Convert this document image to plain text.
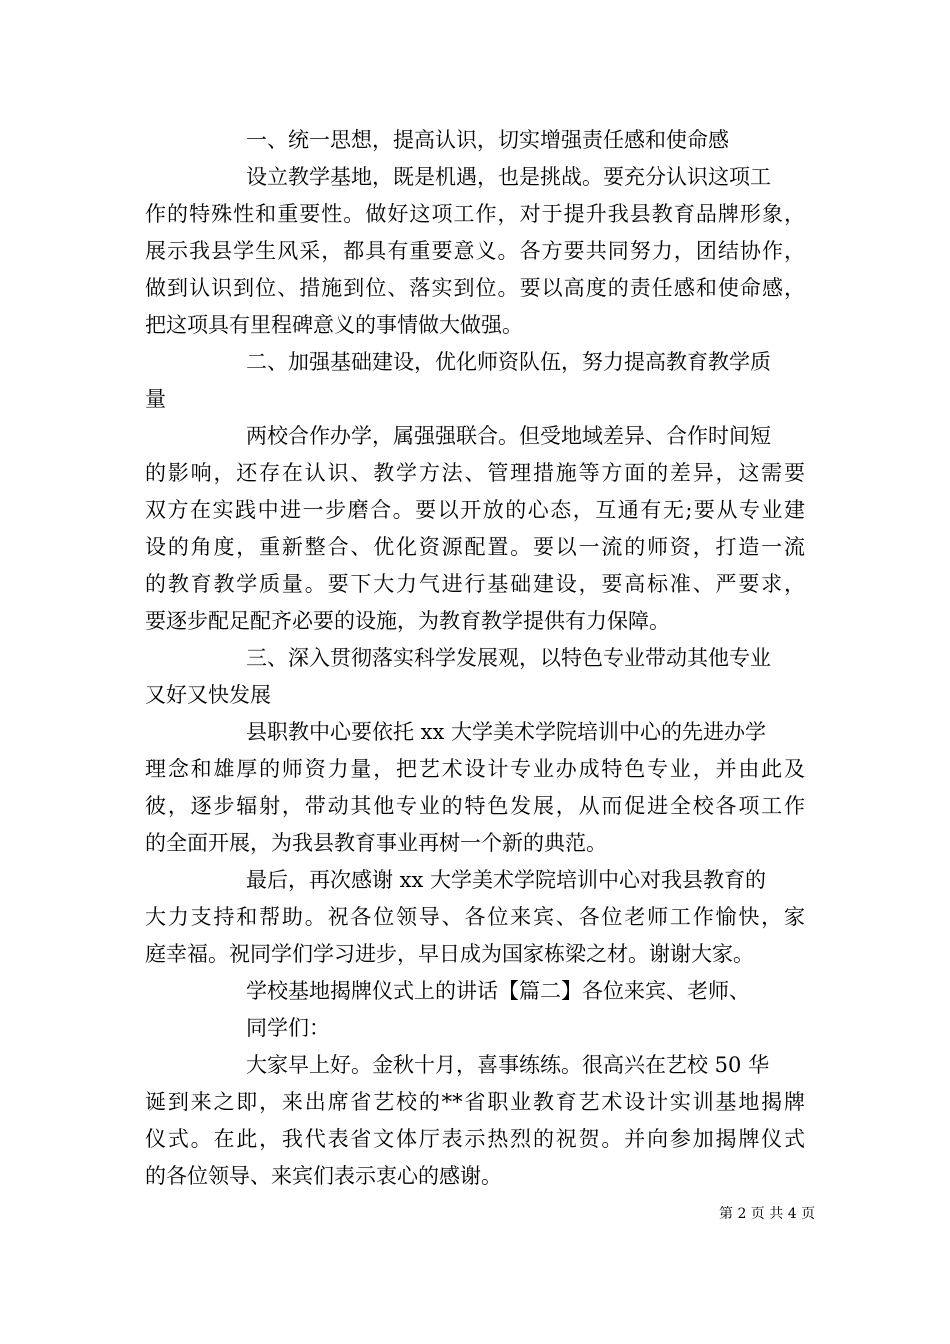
一、统一思想，提高认识，切实增强责任感和使命感
设立教学基地，既是机遇，也是挑战。要充分认识这项工
作的特殊性和重要性。做好这项工作，对于提升我县教育品牌形象，
展示我县学生风采，都具有重要意义。各方要共同努力，团结协作，
做到认识到位、措施到位、落实到位。要以高度的责任感和使命感，
把这项具有里程碑意义的事情做大做强。
二、加强基础建设，优化师资队伍，努力提高教育教学质
量
两校合作办学，属强强联合。但受地域差异、合作时间短
的影响，还存在认识、教学方法、管理措施等方面的差异，这需要
双方在实践中进一步磨合。要以开放的心态，互通有无;要从专业建
设的角度，重新整合、优化资源配置。要以一流的师资，打造一流
的教育教学质量。要下大力气进行基础建设，要高标准、严要求，
要逐步配足配齐必要的设施，为教育教学提供有力保障。
三、深入贯彻落实科学发展观，以特色专业带动其他专业
又好又快发展
县职教中心要依托 xx 大学美术学院培训中心的先进办学
理念和雄厚的师资力量，把艺术设计专业办成特色专业，并由此及
彼，逐步辐射，带动其他专业的特色发展，从而促进全校各项工作
的全面开展，为我县教育事业再树一个新的典范。
最后，再次感谢 xx 大学美术学院培训中心对我县教育的
大力支持和帮助。祝各位领导、各位来宾、各位老师工作愉快，家
庭幸福。祝同学们学习进步，早日成为国家栋梁之材。谢谢大家。
学校基地揭牌仪式上的讲话【篇二】各位来宾、老师、
同学们：
大家早上好。金秋十月，喜事练练。很高兴在艺校 50 华
诞到来之即，来出席省艺校的**省职业教育艺术设计实训基地揭牌
仪式。在此，我代表省文体厅表示热烈的祝贺。并向参加揭牌仪式
的各位领导、来宾们表示衷心的感谢。
第 2 页 共 4 页
